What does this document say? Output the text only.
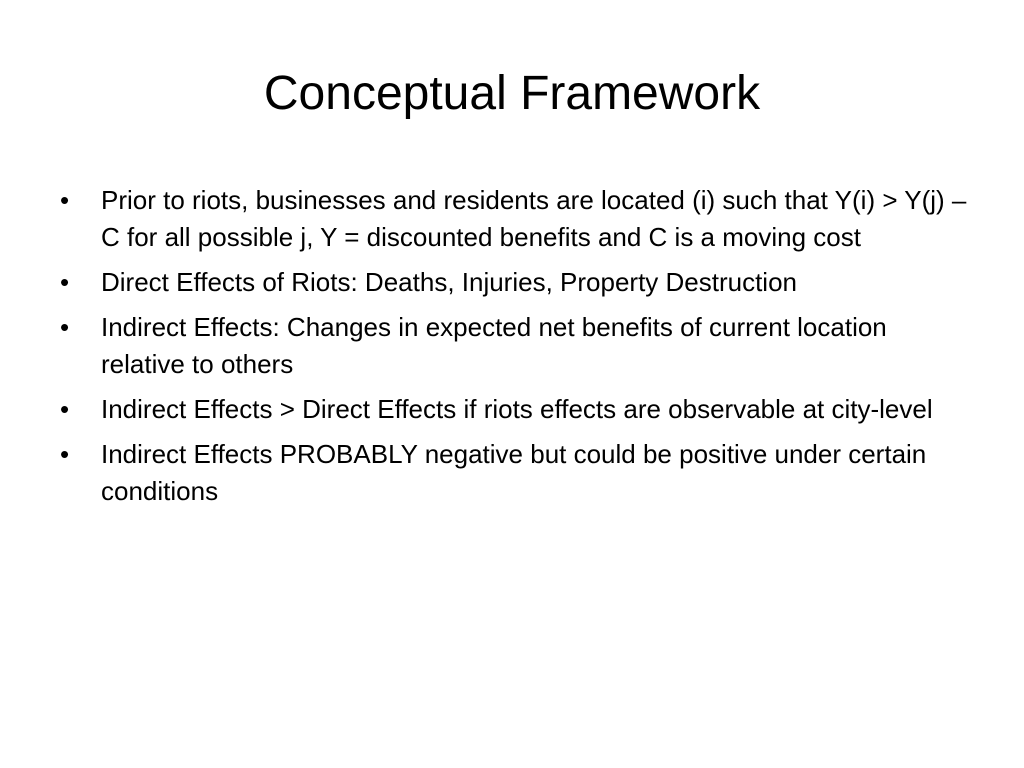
Conceptual Framework
•	Prior to riots, businesses and residents are located (i) such that Y(i) > Y(j) – C for all possible j, Y = discounted benefits and C is a moving cost
•	Direct Effects of Riots: Deaths, Injuries, Property Destruction
•	Indirect Effects: Changes in expected net benefits of current location relative to others
•	Indirect Effects > Direct Effects if riots effects are observable at city-level
•	Indirect Effects PROBABLY negative but could be positive under certain conditions
